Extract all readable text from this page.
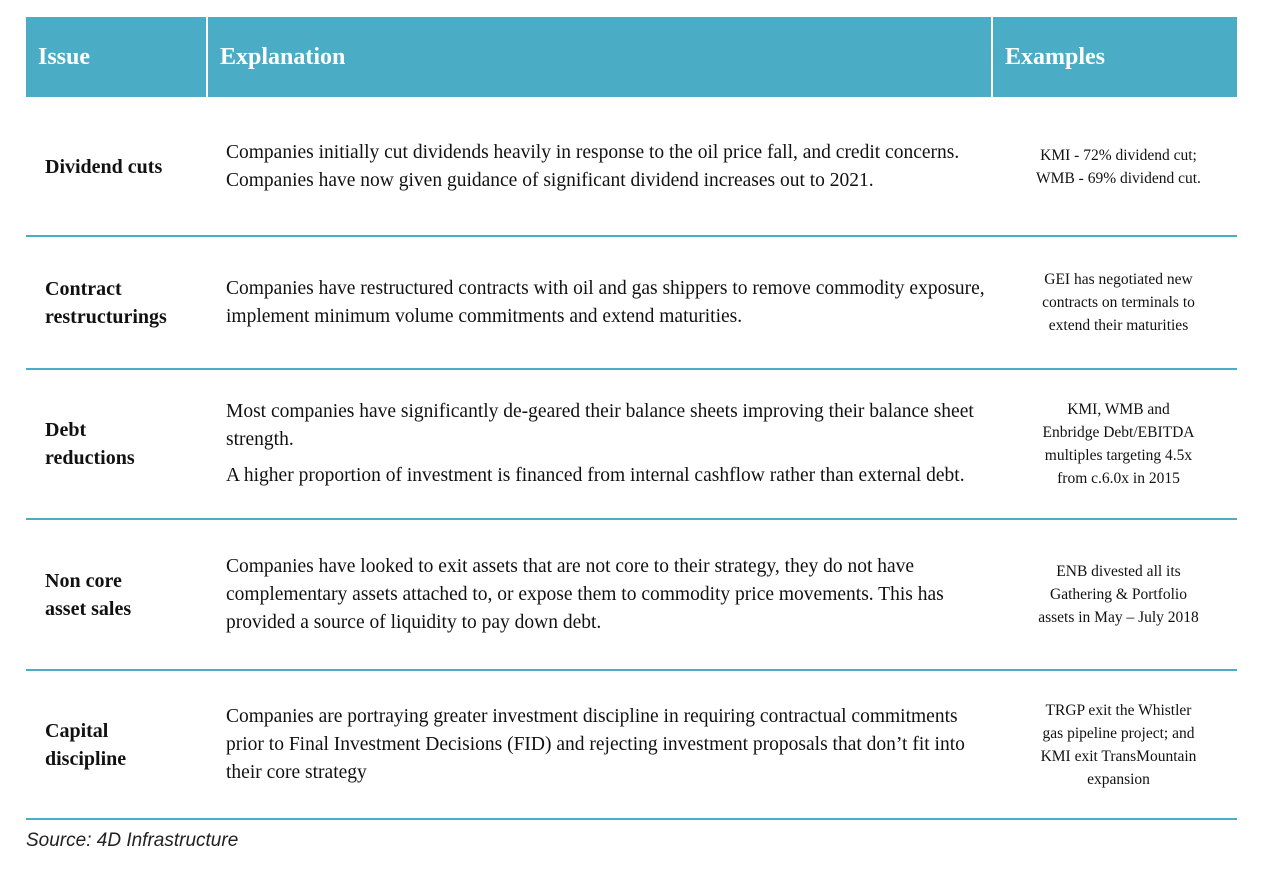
Issue	Explanation	Examples
Dividend cuts

Companies initially cut dividends heavily in response to the oil price fall, and credit concerns. Companies have now given guidance of significant dividend increases out to 2021.

KMI - 72% dividend cut;
WMB - 69% dividend cut.
Contract
restructurings

Companies have restructured contracts with oil and gas shippers to remove commodity exposure, implement minimum volume commitments and extend maturities.

GEI has negotiated new
contracts on terminals to
extend their maturities
Debt
reductions

Most companies have significantly de-geared their balance sheets improving their balance sheet strength.

A higher proportion of investment is financed from internal cashflow rather than external debt.

KMI, WMB and
Enbridge Debt/EBITDA
multiples targeting 4.5x
from c.6.0x in 2015
Non core
asset sales

Companies have looked to exit assets that are not core to their strategy, they do not have complementary assets attached to, or expose them to commodity price movements. This has provided a source of liquidity to pay down debt.

ENB divested all its
Gathering & Portfolio
assets in May – July 2018
Capital
discipline

Companies are portraying greater investment discipline in requiring contractual commitments prior to Final Investment Decisions (FID) and rejecting investment proposals that don’t fit into their core strategy

TRGP exit the Whistler
gas pipeline project; and
KMI exit TransMountain
expansion
Source: 4D Infrastructure
